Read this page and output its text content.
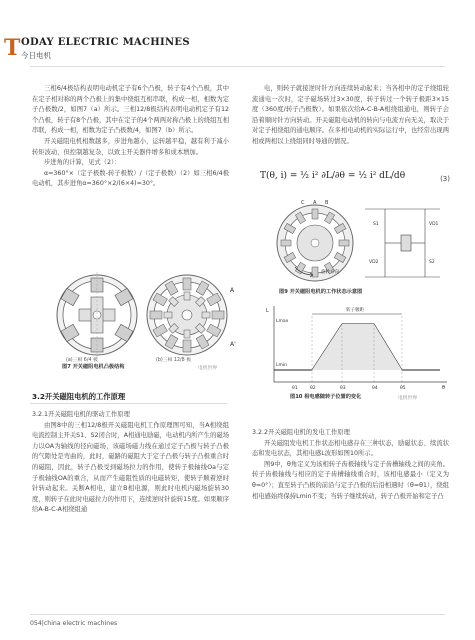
T ODAY ELECTRIC MACHINES
今日电机

三相6/4极结构表明电动机定子有6个凸极，转子有4个凸极，其中在定子相对称的两个凸极上的集中绕组互相串联，构成一相，相数为定子凸极数/2，如图7（a）所示。三相12/8极结构表明电动机定子有12个凸极，转子有8个凸极，其中在定子的4个两两对称凸极上的绕组互相串联，构成一相，相数为定子凸极数/4，如图7（b）所示。

开关磁阻电机相数越多，步进角越小，运转越平稳，越有利于减小转矩波动，但控制越复杂，以致主开关器件增多和成本增加。

步进角的计算，见式（2）：

α=360°×（定子极数-转子极数）/（定子极数）（2）如三相6/4极电动机，其步进角α=360°×2/(6×4)=30°。

A
A'
(a)三相 6/4 极	(b)三相 12/8 极
图7 开关磁阻电机凸极结构	电机世界
3.2开关磁阻电机的工作原理

3.2.1开关磁阻电机的驱动工作原理

由图8中的三相12/8极开关磁阻电机工作原理图可知，当A相绕组电流控制主开关S1、S2闭合时，A相通电励磁，电动机内所产生的磁场力以OA为轴线的径向磁场，该磁场磁力线在通过定子凸极与转子凸极的气隙处是弯曲的，此时，磁路的磁阻大于定子凸极与转子凸极重合时的磁阻，因此，转子凸极受到磁场拉力的作用，使转子极轴线Oa与定子极轴线OA的重合，从而产生磁阻性质的电磁转矩，使转子顺着逆时针转动起来。关断A相电，建立B相电源，则此时电机内磁场旋转30度，则转子在此时电磁拉力的作用下，连续逆时针旋转15度。如果顺序给A-B-C-A相绕组通

电，则转子就接逆时针方向连续转动起来；当各相中的定子绕组轮流通电一次时，定子磁场转过3×30度，转子转过一个转子极距3×15度（360度/转子凸极数）。如果依次给A-C-B-A相绕组通电，则转子会沿着顺时针方向转动。开关磁阻电动机的转向与电流方向无关，取决于对定子相绕组的通电顺序。在多相电动机的实际运行中，也经常出现两相或两相以上绕组同时导通的情况。

T(θ, i) = ½ i² ∂L/∂θ = ½ i² dL/dθ	(3)
C A B
S1
S2
VD1
VD2
旋转方向
图9 开关磁阻电机的工作状态示意图
L
Lmax
Lmin
转子极距
θ
θ1	θ2	θ3	θ4	θ5
图10 相电感随转子位置的变化	电机世界

3.2.2开关磁阻电机的发电工作原理

开关磁阻发电机工作状态相电感存在三种状态，励磁状态、续流状态和发电状态，其相电感L波形如图10所示。

图9中，θ角定义为该相转子齿极轴线与定子齿槽轴线之间的夹角。转子齿极轴线与相应的定子齿槽轴线重合时，该相电感最小（定义为θ=0°）；直至转子凸极的前沿与定子凸极的后沿相遇时（θ=θ1），绕组相电感始终保持Lmin不变；当转子继续转动，转子凸极开始和定子凸

054|china electric machines
